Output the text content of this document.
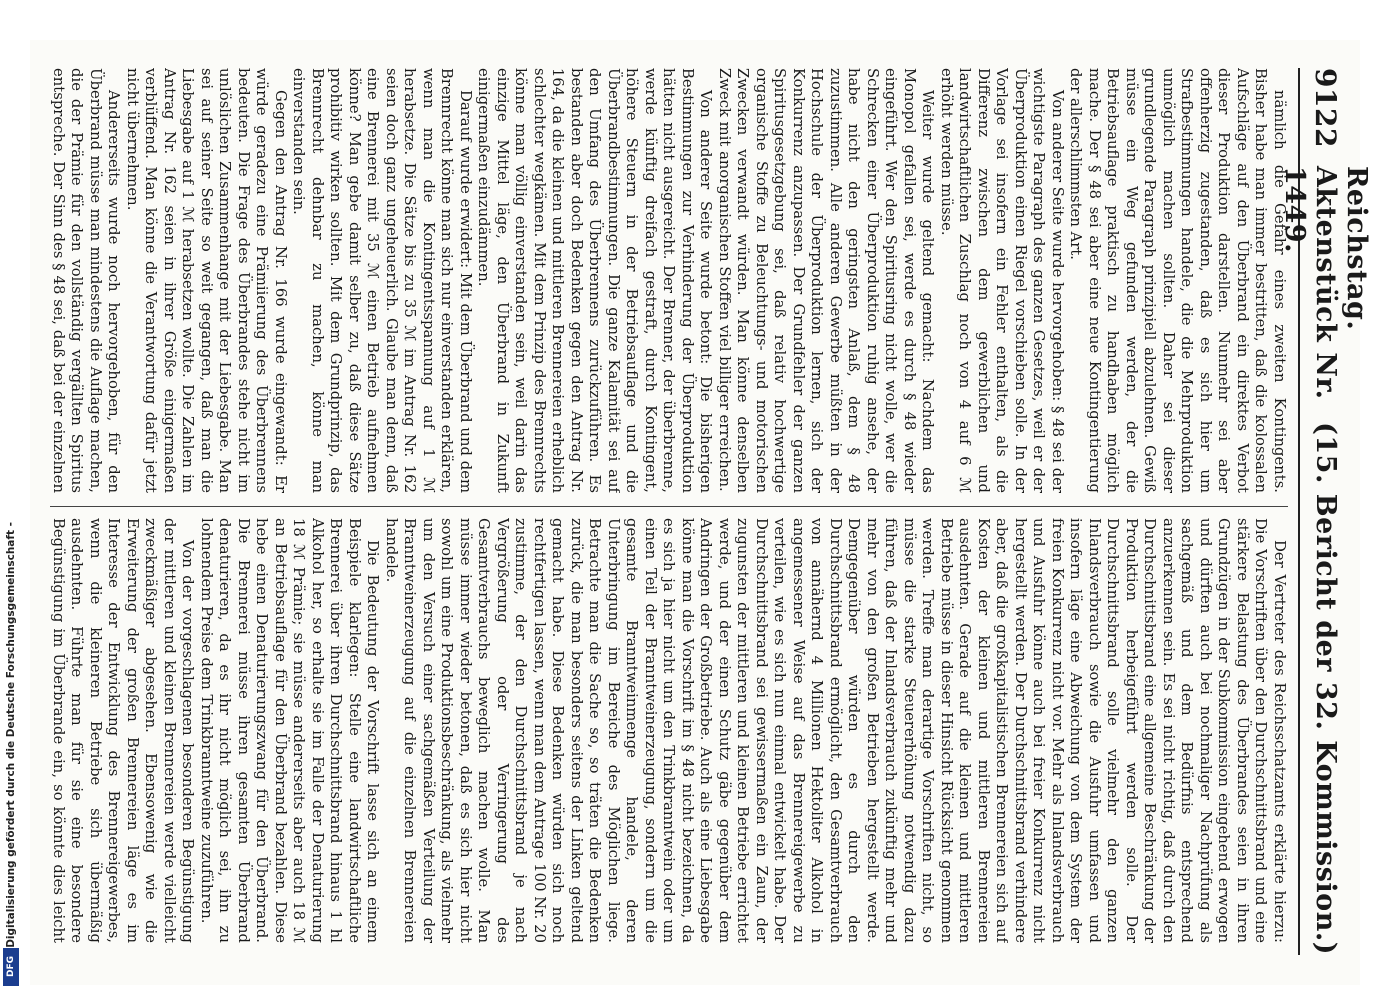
DFG
Digitalisierung gefördert durch die Deutsche Forschungsgemeinschaft -
9122
Reichstag. Aktenstück Nr. 1449.
(15. Bericht der 32. Kommission.)

nämlich die Gefahr eines zweiten Kontingents. Bisher habe man immer bestritten, daß die kolossalen Aufschläge auf den Überbrand ein direktes Verbot dieser Produktion darstellen. Nunmehr sei aber offenherzig zugestanden, daß es sich hier um Strafbestimmungen handele, die die Mehrproduktion unmöglich machen sollten. Daher sei dieser grundlegende Paragraph prinzipiell abzulehnen. Gewiß müsse ein Weg gefunden werden, der die Betriebsauflage praktisch zu handhaben möglich mache. Der § 48 sei aber eine neue Kontingentierung der allerschlimmsten Art.

Von anderer Seite wurde hervorgehoben: § 48 sei der wichtigste Paragraph des ganzen Gesetzes, weil er der Überproduktion einen Riegel vorschieben solle. In der Vorlage sei insofern ein Fehler enthalten, als die Differenz zwischen dem gewerblichen und landwirtschaftlichen Zuschlag noch von 4 auf 6 ℳ erhöht werden müsse.

Weiter wurde geltend gemacht: Nachdem das Monopol gefallen sei, werde es durch § 48 wieder eingeführt. Wer den Spiritusring nicht wolle, wer die Schrecken einer Überproduktion ruhig ansehe, der habe nicht den geringsten Anlaß, dem § 48 zuzustimmen. Alle anderen Gewerbe müßten in der Hochschule der Überproduktion lernen, sich der Konkurrenz anzupassen. Der Grundfehler der ganzen Spiritusgesetzgebung sei, daß relativ hochwertige organische Stoffe zu Beleuchtungs- und motorischen Zwecken verwandt würden. Man könne denselben Zweck mit anorganischen Stoffen viel billiger erreichen.

Von anderer Seite wurde betont: Die bisherigen Bestimmungen zur Verhinderung der Überproduktion hätten nicht ausgereicht. Der Brenner, der überbrenne, werde künftig dreifach gestraft, durch Kontingent, höhere Steuern in der Betriebsauflage und die Überbrandbestimmungen. Die ganze Kalamität sei auf den Umfang des Überbrennens zurückzuführen. Es bestanden aber doch Bedenken gegen den Antrag Nr. 164, da die kleinen und mittleren Brennereien erheblich schlechter wegkämen. Mit dem Prinzip des Brennrechts könne man völlig einverstanden sein, weil darin das einzige Mittel läge, den Überbrand in Zukunft einigermaßen einzudämmen.

Darauf wurde erwidert: Mit dem Überbrand und dem Brennrecht könne man sich nur einverstanden erklären, wenn man die Kontingentsspannung auf 1 ℳ herabsetze. Die Sätze bis zu 35 ℳ im Antrag Nr. 162 seien doch ganz ungeheuerlich. Glaube man denn, daß eine Brennerei mit 35 ℳ einen Betrieb aufnehmen könne? Man gebe damit selber zu, daß diese Sätze prohibitiv wirken sollten. Mit dem Grundprinzip, das Brennrecht dehnbar zu machen, könne man einverstanden sein.

Gegen den Antrag Nr. 166 wurde eingewandt: Er würde geradezu eine Prämiierung des Überbrennens bedeuten. Die Frage des Überbrandes stehe nicht im unlöslichen Zusammenhange mit der Liebesgabe. Man sei auf seiner Seite so weit gegangen, daß man die Liebesgabe auf 1 ℳ herabsetzen wollte. Die Zahlen im Antrag Nr. 162 seien in ihrer Größe einigermaßen verblüffend. Man könne die Verantwortung dafür jetzt nicht übernehmen.

Andererseits wurde noch hervorgehoben, für den Überbrand müsse man mindestens die Auflage machen, die der Prämie für den vollständig vergällten Spiritus entspreche. Der Sinn des § 48 sei, daß bei der einzelnen

Der Vertreter des Reichsschatzamts erklärte hierzu: Die Vorschriften über den Durchschnittsbrand und eine stärkere Belastung des Überbrandes seien in ihren Grundzügen in der Subkommission eingehend erwogen und dürften auch bei nochmaliger Nachprüfung als sachgemäß und dem Bedürfnis entsprechend anzuerkennen sein. Es sei nicht richtig, daß durch den Durchschnittsbrand eine allgemeine Beschränkung der Produktion herbeigeführt werden solle. Der Durchschnittsbrand solle vielmehr den ganzen Inlandsverbrauch sowie die Ausfuhr umfassen und insofern läge eine Abweichung von dem System der freien Konkurrenz nicht vor. Mehr als Inlandsverbrauch und Ausfuhr könne auch bei freier Konkurrenz nicht hergestellt werden. Der Durchschnittsbrand verhindere aber, daß die großkapitalistischen Brennereien sich auf Kosten der kleinen und mittleren Brennereien ausdehnten. Gerade auf die kleinen und mittleren Betriebe müsse in dieser Hinsicht Rücksicht genommen werden. Treffe man derartige Vorschriften nicht, so müsse die starke Steuererhöhung notwendig dazu führen, daß der Inlandsverbrauch zukünftig mehr und mehr von den großen Betrieben hergestellt werde. Demgegenüber würden es durch den Durchschnittsbrand ermöglicht, den Gesamtverbrauch von annähernd 4 Millionen Hektoliter Alkohol in angemessener Weise auf das Brennereigewerbe zu verteilen, wie es sich nun einmal entwickelt habe. Der Durchschnittsbrand sei gewissermaßen ein Zaun, der zugunsten der mittleren und kleinen Betriebe errichtet werde, und der einen Schutz gäbe gegenüber dem Andringen der Großbetriebe. Auch als eine Liebesgabe könne man die Vorschrift im § 48 nicht bezeichnen, da es sich ja hier nicht um den Trinkbranntwein oder um einen Teil der Branntweinerzeugung, sondern um die gesamte Branntweinmenge handele, deren Unterbringung im Bereiche des Möglichen liege. Betrachte man die Sache so, so träten die Bedenken zurück, die man besonders seitens der Linken geltend gemacht habe. Diese Bedenken würden sich noch rechtfertigen lassen, wenn man dem Antrage 100 Nr. 20 zustimme, der den Durchschnittsbrand je nach Vergrößerung oder Verringerung des Gesamtverbrauchs beweglich machen wolle. Man müsse immer wieder betonen, daß es sich hier nicht sowohl um eine Produktionsbeschränkung, als vielmehr um den Versuch einer sachgemäßen Verteilung der Branntweinerzeugung auf die einzelnen Brennereien handele.

Die Bedeutung der Vorschrift lasse sich an einem Beispiele klarlegen: Stelle eine landwirtschaftliche Brennerei über ihren Durchschnittsbrand hinaus 1 hl Alkohol her, so erhalte sie im Falle der Denaturierung 18 ℳ Prämie; sie müsse andererseits aber auch 18 ℳ an Betriebsauflage für den Überbrand bezahlen. Diese hebe einen Denaturierungszwang für den Überbrand. Die Brennerei müsse ihren gesamten Überbrand denaturieren, da es ihr nicht möglich sei, ihn zu lohnendem Preise dem Trinkbranntweine zuzuführen.

Von der vorgeschlagenen besonderen Begünstigung der mittleren und kleinen Brennereien werde vielleicht zweckmäßiger abgesehen. Ebensowenig wie die Erweiterung der großen Brennereien läge es im Interesse der Entwicklung des Brennereigewerbes, wenn die kleineren Betriebe sich übermäßig ausdehnten. Führte man für sie eine besondere Begünstigung im Überbrande ein, so könnte dies leicht
